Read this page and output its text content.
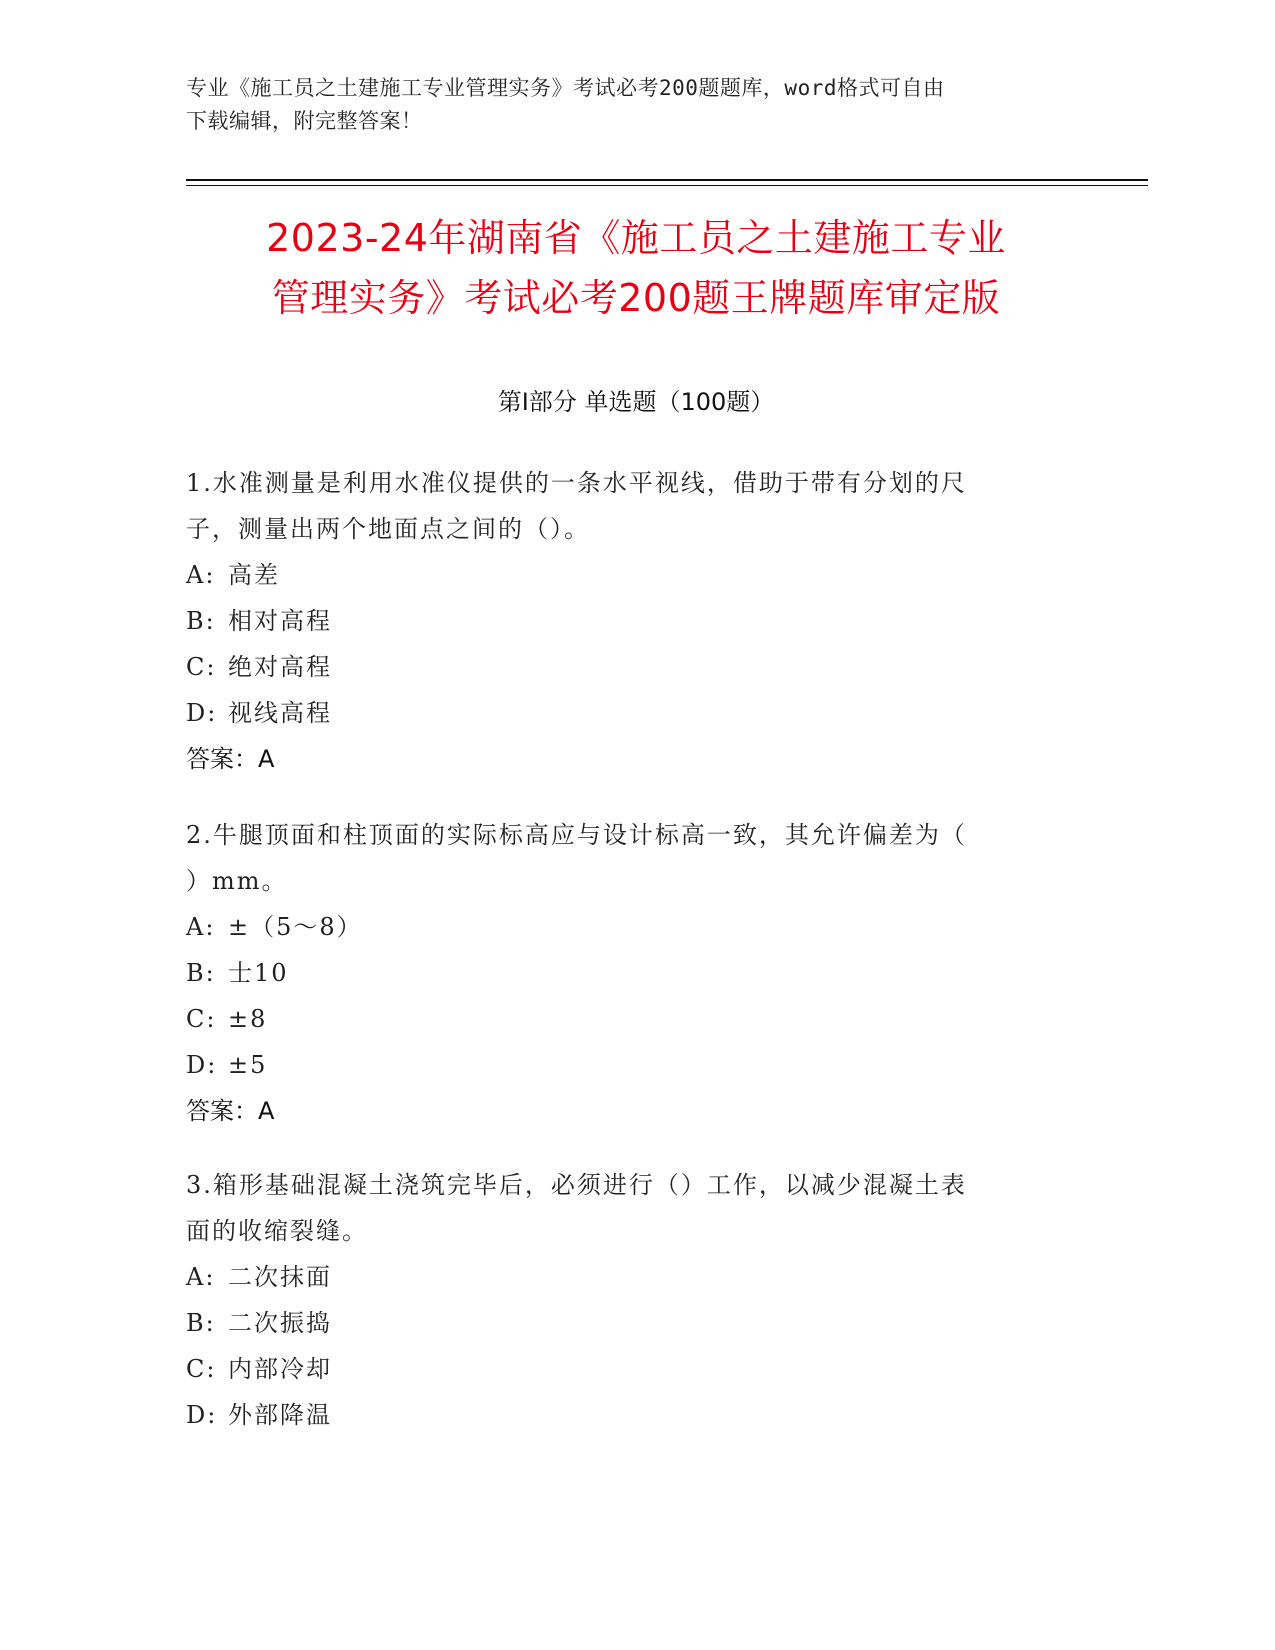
专业《施工员之土建施工专业管理实务》考试必考200题题库，word格式可自由
下载编辑，附完整答案！
2023-24年湖南省《施工员之土建施工专业
管理实务》考试必考200题王牌题库审定版
第Ⅰ部分 单选题（100题）
1.水准测量是利用水准仪提供的一条水平视线，借助于带有分划的尺
子，测量出两个地面点之间的（）。
A: 高差
B: 相对高程
C: 绝对高程
D: 视线高程
答案：A
2.牛腿顶面和柱顶面的实际标高应与设计标高一致，其允许偏差为（
）mm。
A: ±（5～8）
B: 士10
C: ±8
D: ±5
答案：A
3.箱形基础混凝土浇筑完毕后，必须进行（）工作，以减少混凝土表
面的收缩裂缝。
A: 二次抹面
B: 二次振捣
C: 内部冷却
D: 外部降温
